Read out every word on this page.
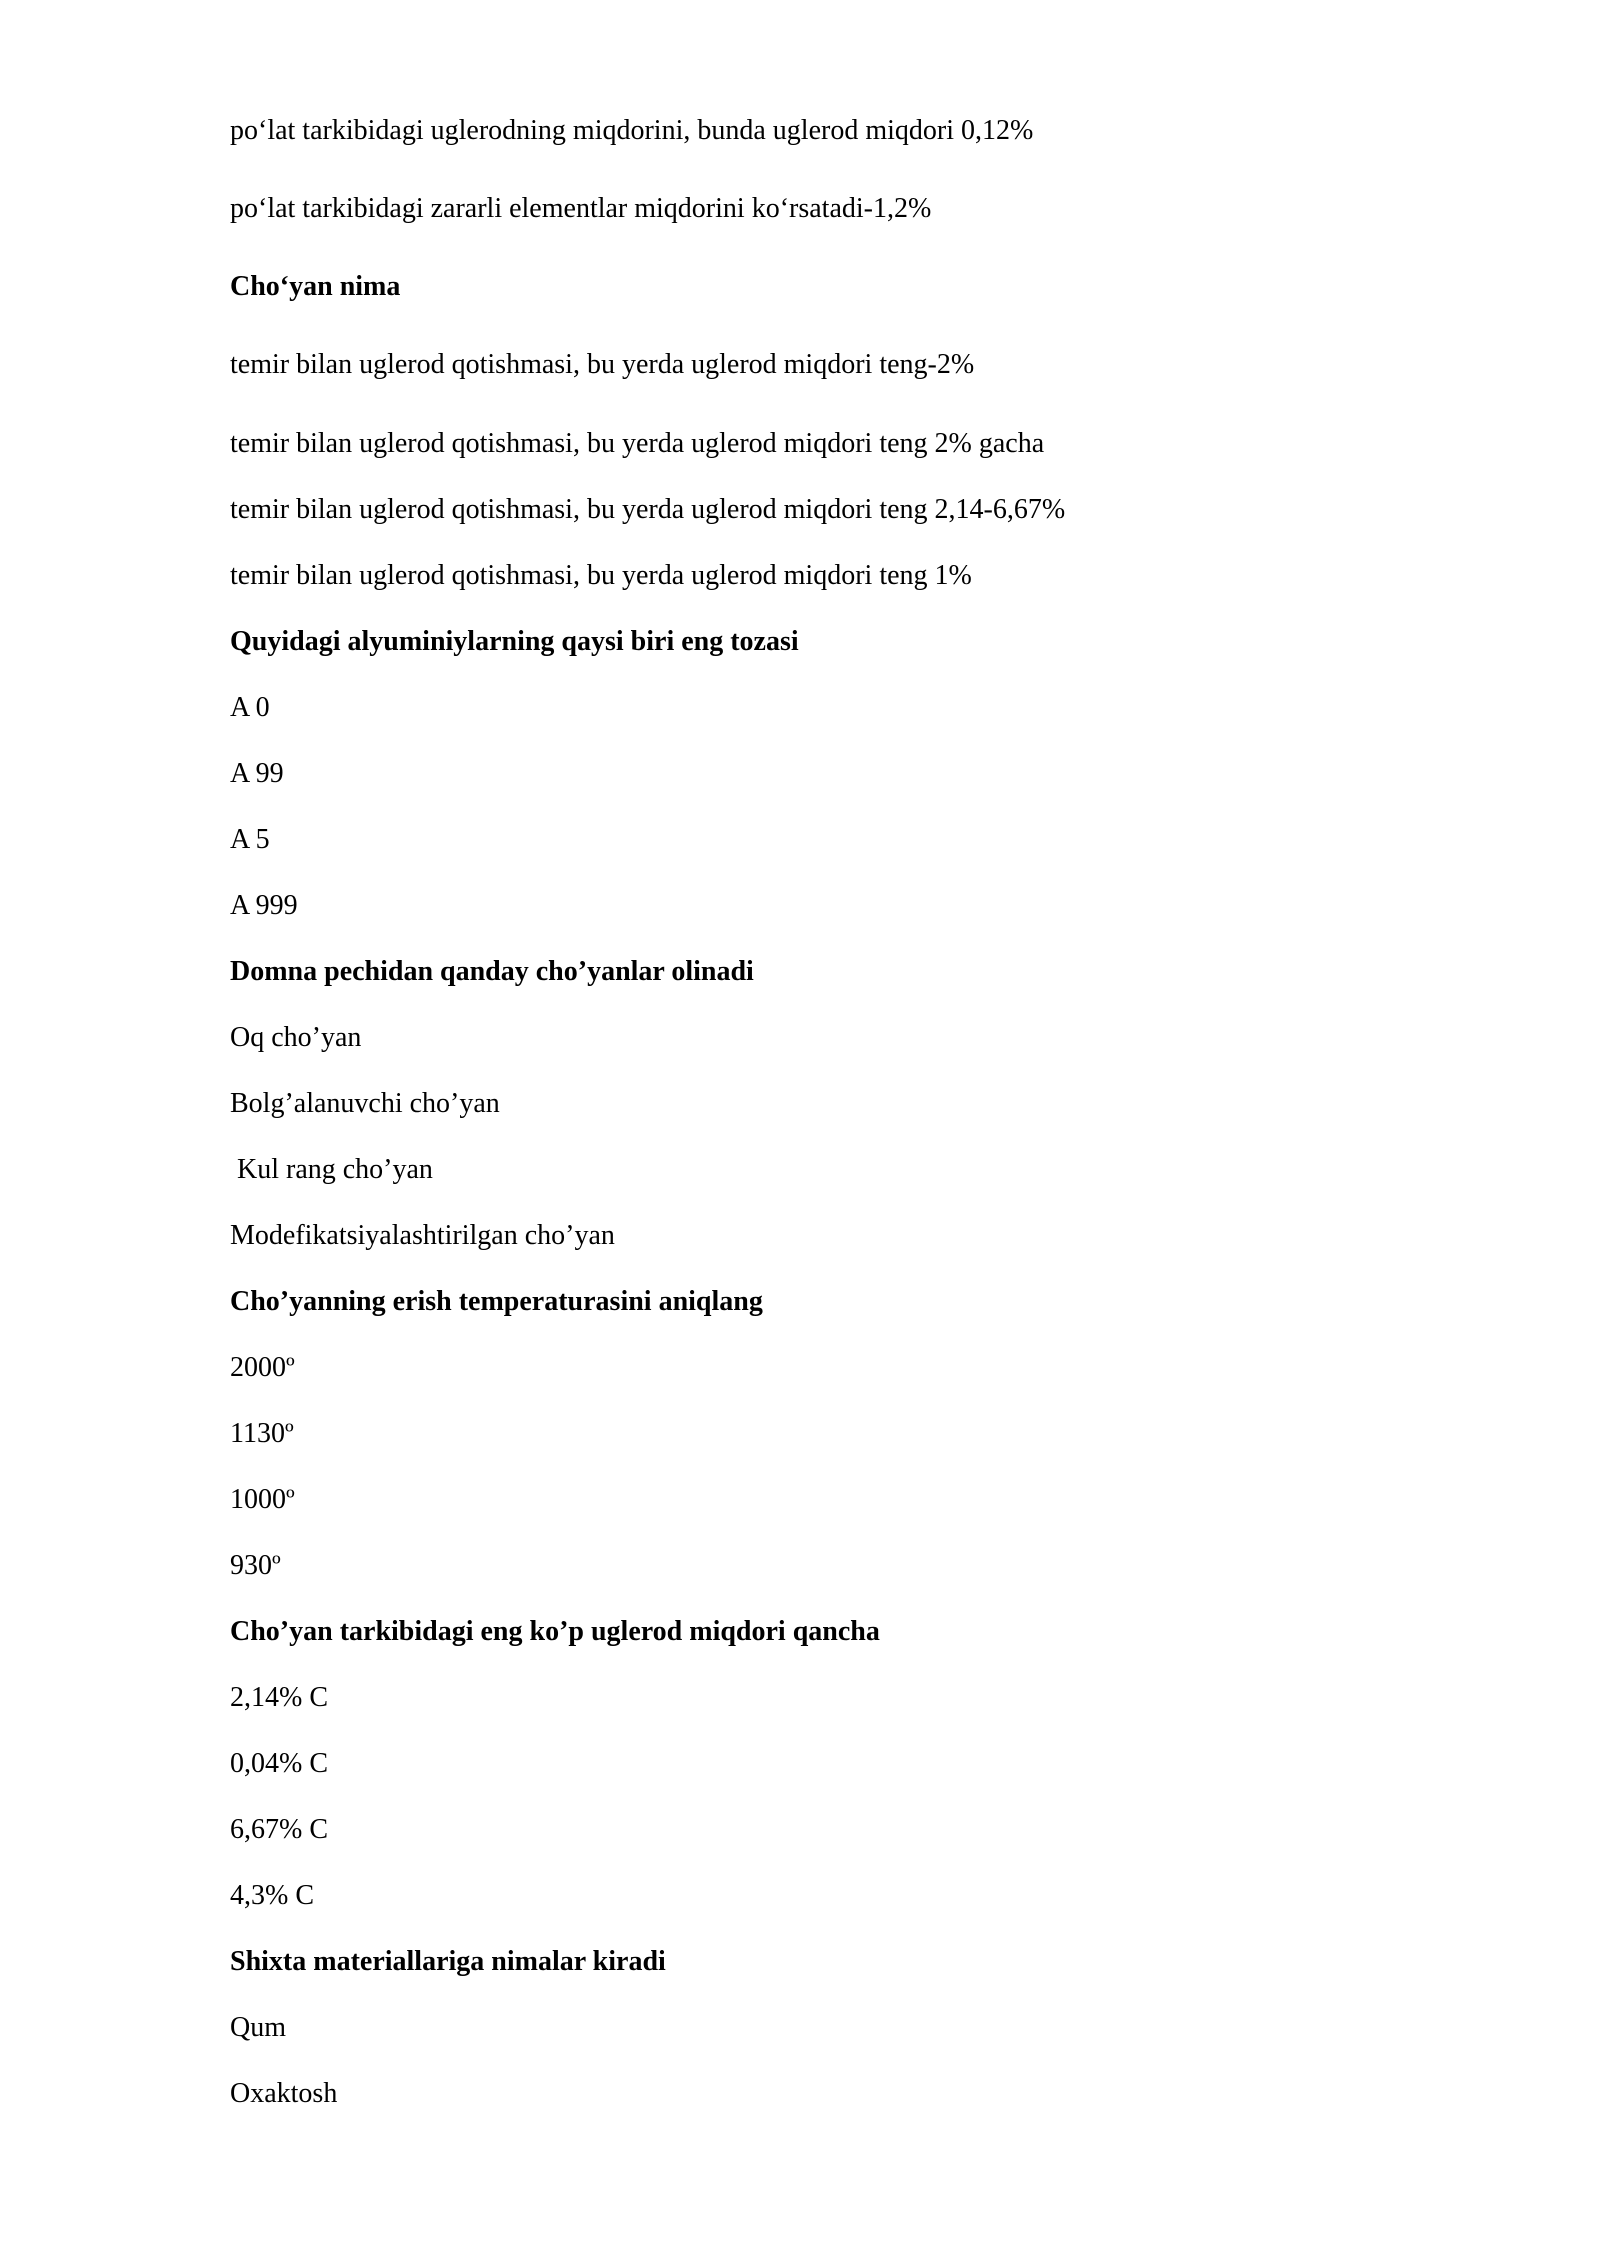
po‘lat tarkibidagi uglerodning miqdorini, bunda uglerod miqdori 0,12%
po‘lat tarkibidagi zararli elementlar miqdorini ko‘rsatadi-1,2%
Cho‘yan nima
temir bilan uglerod qotishmasi, bu yerda uglerod miqdori teng-2%
temir bilan uglerod qotishmasi, bu yerda uglerod miqdori teng 2% gacha
temir bilan uglerod qotishmasi, bu yerda uglerod miqdori teng 2,14-6,67%
temir bilan uglerod qotishmasi, bu yerda uglerod miqdori teng 1%
Quyidagi alyuminiylarning qaysi biri eng tozasi
A 0
A 99
A 5
A 999
Domna pechidan qanday cho’yanlar olinadi
Oq cho’yan
Bolg’alanuvchi cho’yan
Kul rang cho’yan
Modefikatsiyalashtirilgan cho’yan
Cho’yanning erish temperaturasini aniqlang
2000º
1130º
1000º
930º
Cho’yan tarkibidagi eng ko’p uglerod miqdori qancha
2,14% C
0,04% C
6,67% C
4,3% C
Shixta materiallariga nimalar kiradi
Qum
Oxaktosh
